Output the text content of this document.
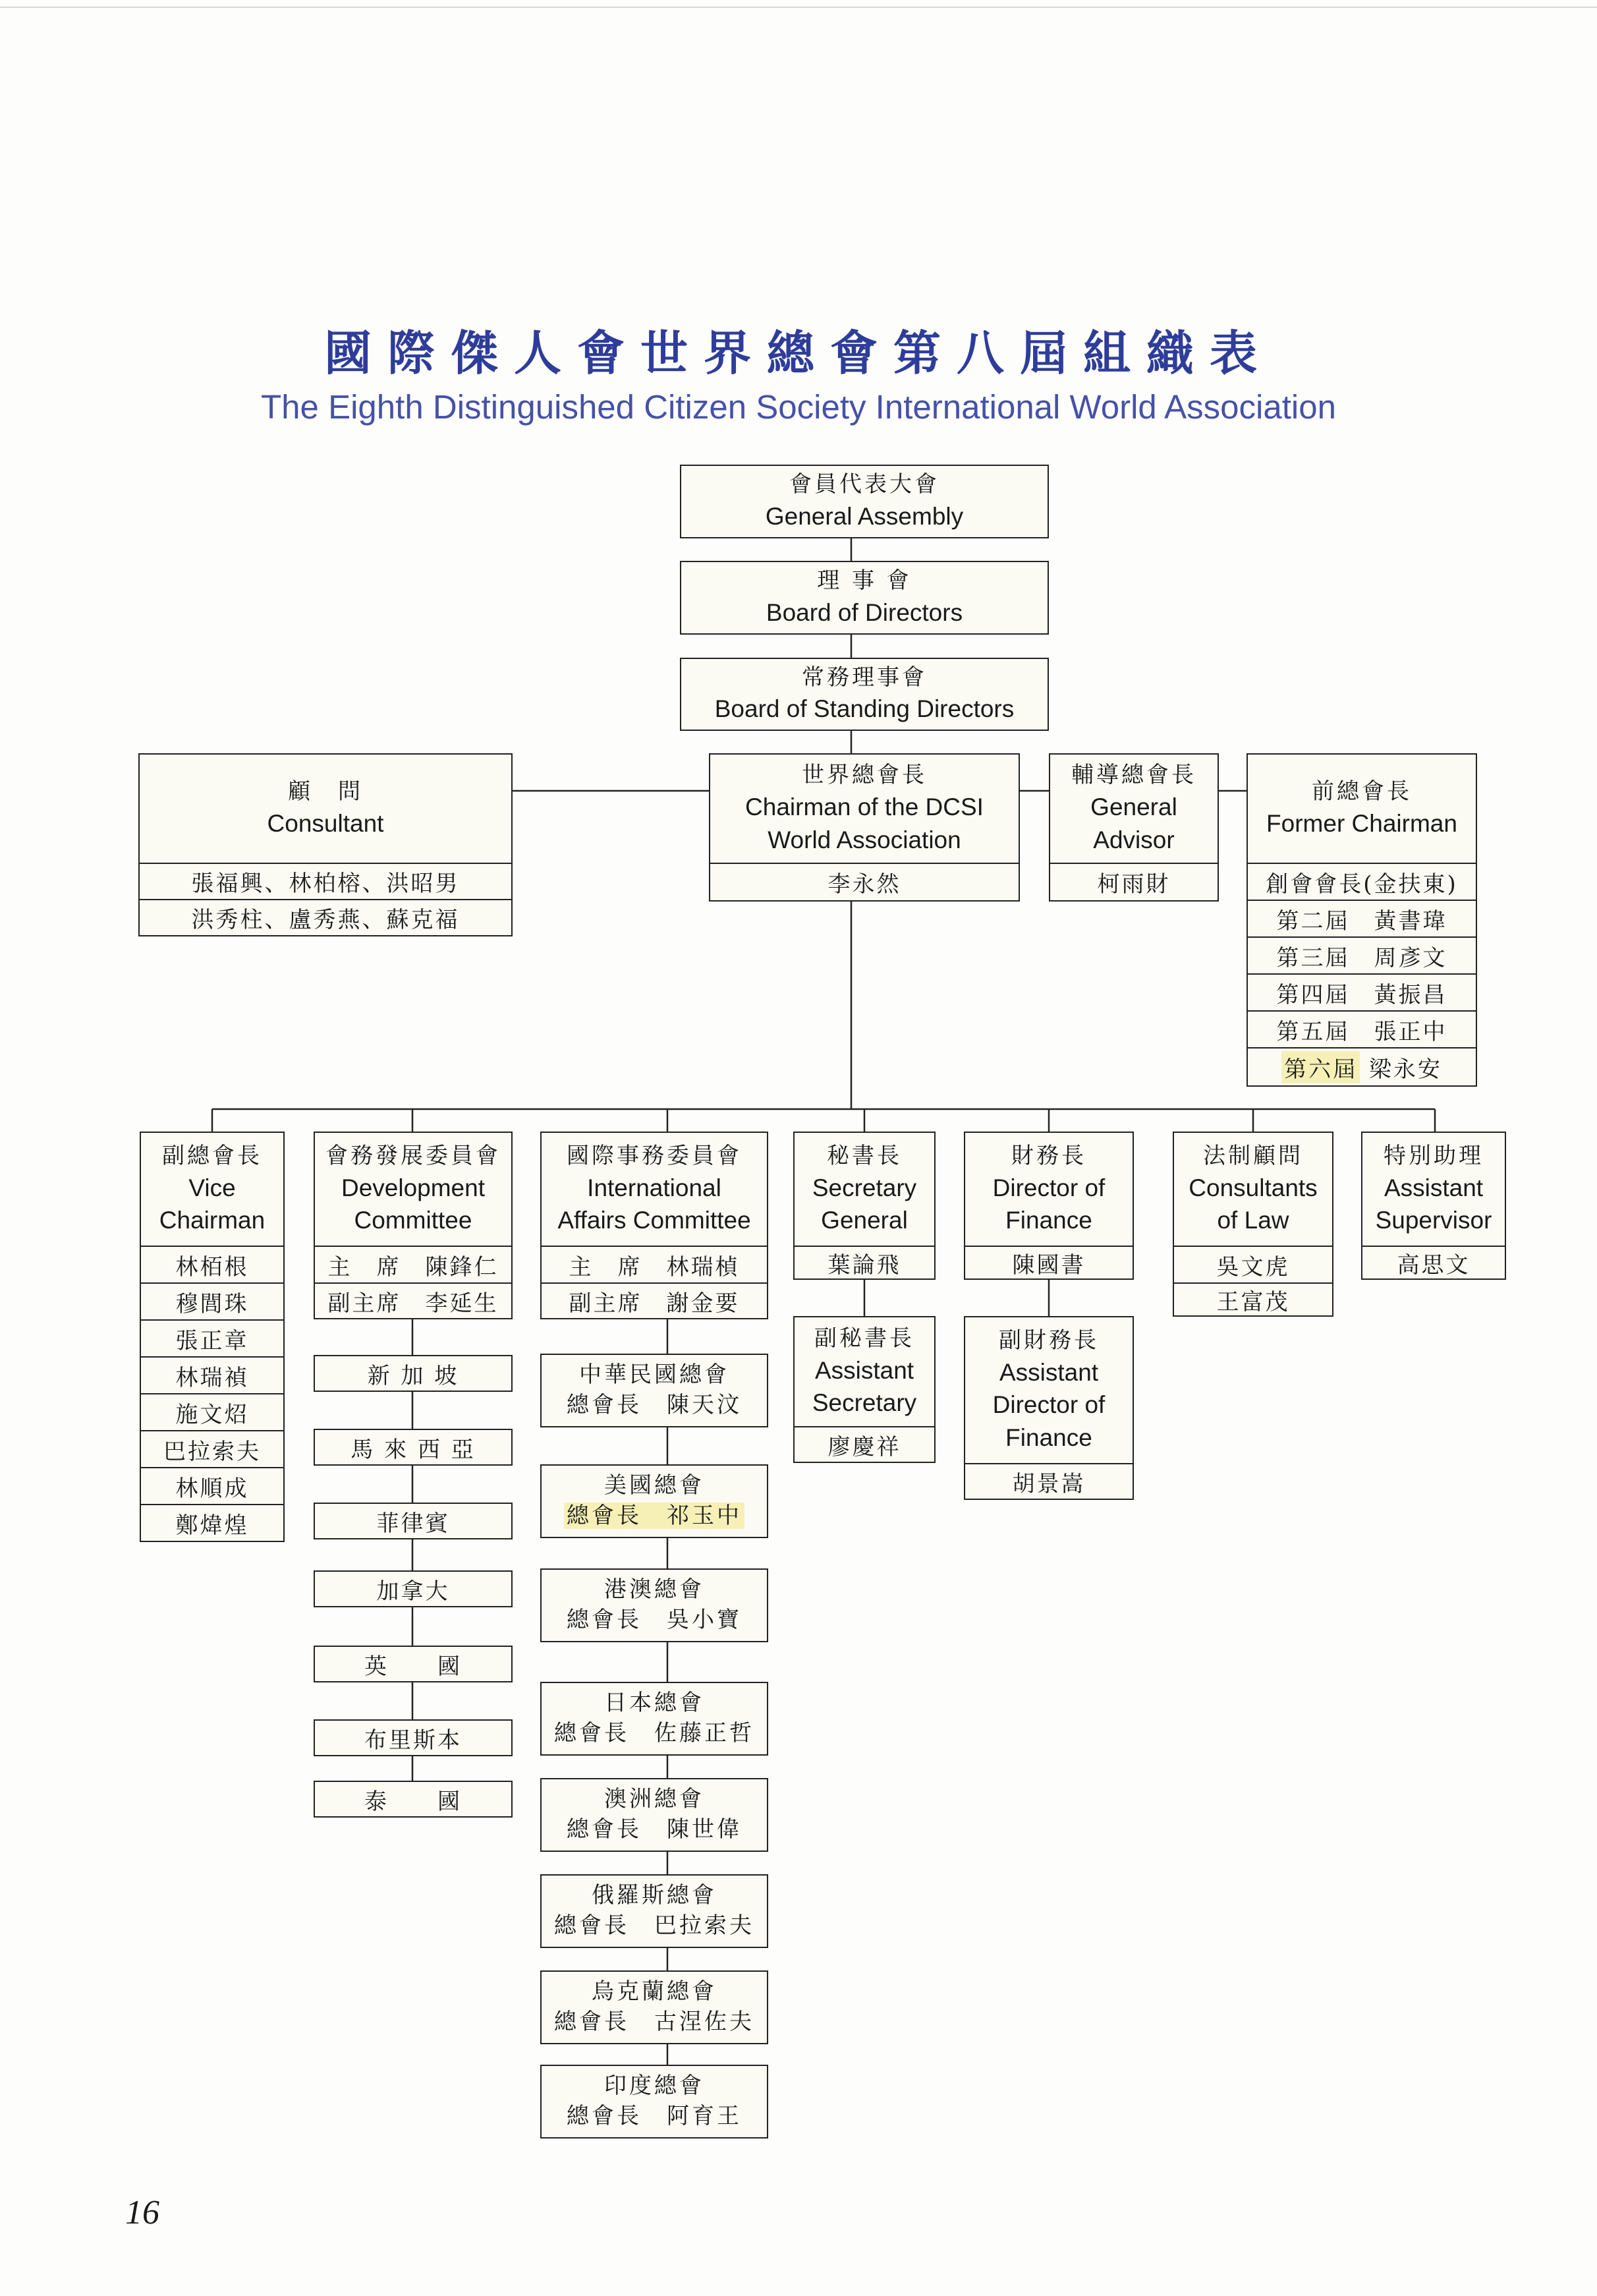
國際傑人會世界總會第八屆組織表
The Eighth Distinguished Citizen Society International World Association
會員代表大會
General Assembly
理 事 會
Board of Directors
常務理事會
Board of Standing Directors
顧　問
Consultant
張福興、林柏榕、洪昭男
洪秀柱、盧秀燕、蘇克福
世界總會長
Chairman of the DCSI
World Association
李永然
輔導總會長
General
Advisor
柯雨財
前總會長
Former Chairman
創會會長(金扶東)
第二屆　黃書瑋
第三屆　周彥文
第四屆　黃振昌
第五屆　張正中
第六屆
梁永安
副總會長
Vice
Chairman
林栢根
穆閭珠
張正章
林瑞禎
施文炤
巴拉索夫
林順成
鄭煒煌
會務發展委員會
Development
Committee
主　席　陳鋒仁
副主席　李延生
新 加 坡
馬 來 西 亞
菲律賓
加拿大
英　　國
布里斯本
泰　　國
國際事務委員會
International
Affairs Committee
主　席　林瑞楨
副主席　謝金要
中華民國總會
總會長　陳天汶
美國總會
總會長　祁玉中
港澳總會
總會長　吳小寶
日本總會
總會長　佐藤正哲
澳洲總會
總會長　陳世偉
俄羅斯總會
總會長　巴拉索夫
烏克蘭總會
總會長　古涅佐夫
印度總會
總會長　阿育王
秘書長
Secretary
General
葉論飛
副秘書長
Assistant
Secretary
廖慶祥
財務長
Director of
Finance
陳國書
副財務長
Assistant
Director of
Finance
胡景嵩
法制顧問
Consultants
of Law
吳文虎
王富茂
特別助理
Assistant
Supervisor
高思文
16
